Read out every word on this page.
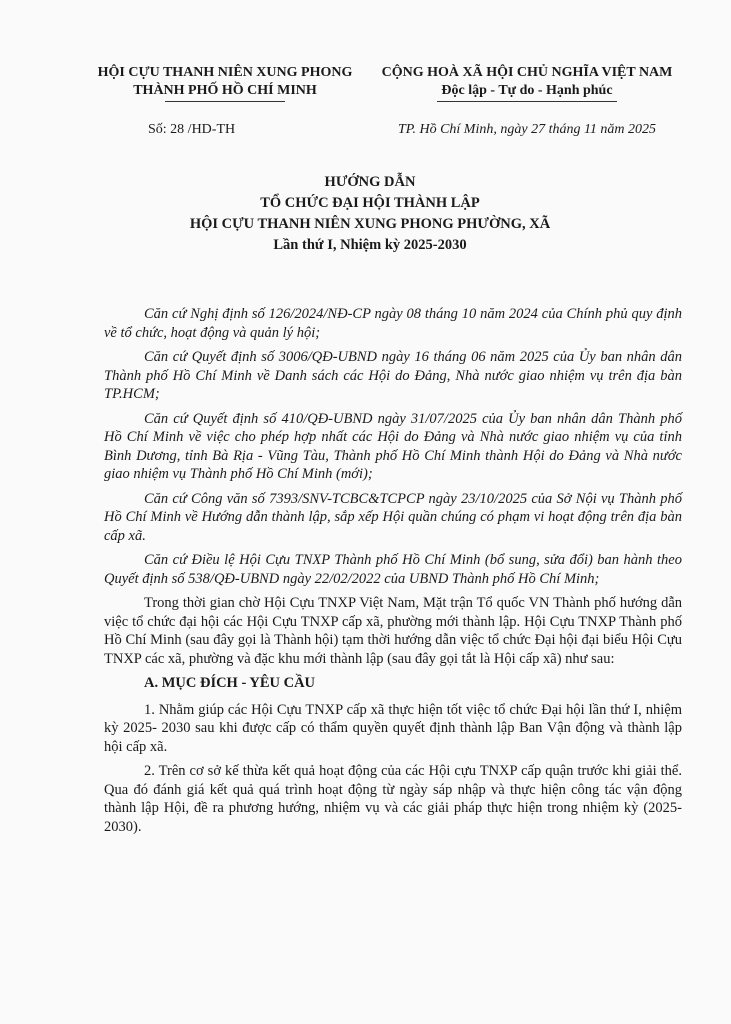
HỘI CỰU THANH NIÊN XUNG PHONG
THÀNH PHỐ HỒ CHÍ MINH
CỘNG HOÀ XÃ HỘI CHỦ NGHĨA VIỆT NAM
Độc lập - Tự do - Hạnh phúc
Số: 28 /HD-TH	TP. Hồ Chí Minh, ngày 27 tháng 11 năm 2025
HƯỚNG DẪN
TỔ CHỨC ĐẠI HỘI THÀNH LẬP
HỘI CỰU THANH NIÊN XUNG PHONG PHƯỜNG, XÃ
Lần thứ I, Nhiệm kỳ 2025-2030

Căn cứ Nghị định số 126/2024/NĐ-CP ngày 08 tháng 10 năm 2024 của Chính phủ quy định về tổ chức, hoạt động và quản lý hội;

Căn cứ Quyết định số 3006/QĐ-UBND ngày 16 tháng 06 năm 2025 của Ủy ban nhân dân Thành phố Hồ Chí Minh về Danh sách các Hội do Đảng, Nhà nước giao nhiệm vụ trên địa bàn TP.HCM;

Căn cứ Quyết định số 410/QĐ-UBND ngày 31/07/2025 của Ủy ban nhân dân Thành phố Hồ Chí Minh về việc cho phép hợp nhất các Hội do Đảng và Nhà nước giao nhiệm vụ của tỉnh Bình Dương, tỉnh Bà Rịa - Vũng Tàu, Thành phố Hồ Chí Minh thành Hội do Đảng và Nhà nước giao nhiệm vụ Thành phố Hồ Chí Minh (mới);

Căn cứ Công văn số 7393/SNV-TCBC&TCPCP ngày 23/10/2025 của Sở Nội vụ Thành phố Hồ Chí Minh về Hướng dẫn thành lập, sắp xếp Hội quần chúng có phạm vi hoạt động trên địa bàn cấp xã.

Căn cứ Điều lệ Hội Cựu TNXP Thành phố Hồ Chí Minh (bổ sung, sửa đổi) ban hành theo Quyết định số 538/QĐ-UBND ngày 22/02/2022 của UBND Thành phố Hồ Chí Minh;

Trong thời gian chờ Hội Cựu TNXP Việt Nam, Mặt trận Tổ quốc VN Thành phố hướng dẫn việc tổ chức đại hội các Hội Cựu TNXP cấp xã, phường mới thành lập. Hội Cựu TNXP Thành phố Hồ Chí Minh (sau đây gọi là Thành hội) tạm thời hướng dẫn việc tổ chức Đại hội đại biểu Hội Cựu TNXP các xã, phường và đặc khu mới thành lập (sau đây gọi tắt là Hội cấp xã) như sau:

A. MỤC ĐÍCH - YÊU CẦU

1. Nhằm giúp các Hội Cựu TNXP cấp xã thực hiện tốt việc tổ chức Đại hội lần thứ I, nhiệm kỳ 2025- 2030 sau khi được cấp có thẩm quyền quyết định thành lập Ban Vận động và thành lập hội cấp xã.

2. Trên cơ sở kế thừa kết quả hoạt động của các Hội cựu TNXP cấp quận trước khi giải thể. Qua đó đánh giá kết quả quá trình hoạt động từ ngày sáp nhập và thực hiện công tác vận động thành lập Hội, đề ra phương hướng, nhiệm vụ và các giải pháp thực hiện trong nhiệm kỳ (2025-2030).
